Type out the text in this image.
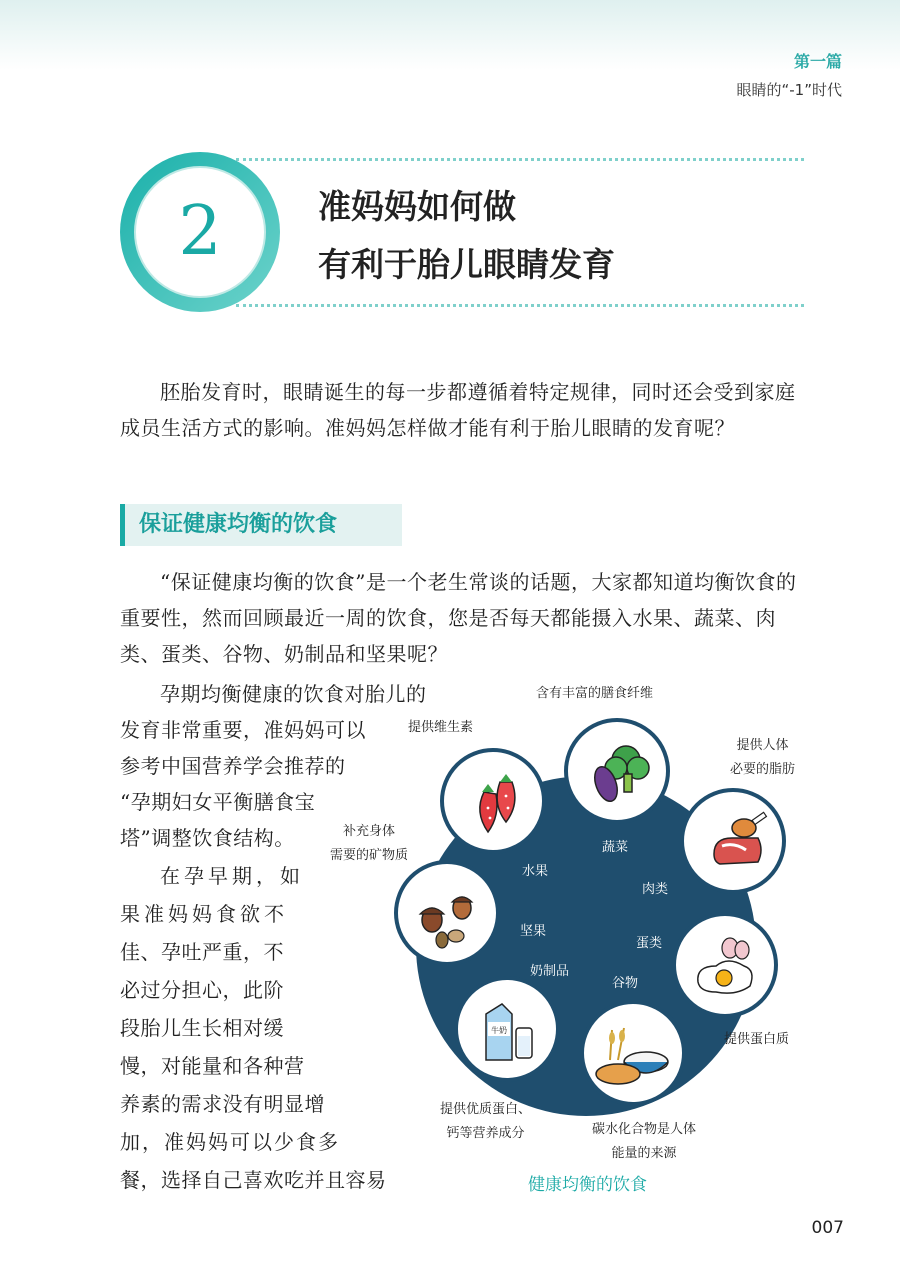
第一篇
眼睛的“-1”时代
2	准妈妈如何做
有利于胎儿眼睛发育

胚胎发育时，眼睛诞生的每一步都遵循着特定规律，同时还会受到家庭成员生活方式的影响。准妈妈怎样做才能有利于胎儿眼睛的发育呢？

保证健康均衡的饮食

“保证健康均衡的饮食”是一个老生常谈的话题，大家都知道均衡饮食的重要性，然而回顾最近一周的饮食，您是否每天都能摄入水果、蔬菜、肉类、蛋类、谷物、奶制品和坚果呢？

孕期均衡健康的饮食对胎儿的
发育非常重要，准妈妈可以
参考中国营养学会推荐的
“孕期妇女平衡膳食宝
塔”调整饮食结构。
在孕早期，如
果准妈妈食欲不
佳、孕吐严重，不
必过分担心，此阶
段胎儿生长相对缓
慢，对能量和各种营
养素的需求没有明显增
加，准妈妈可以少食多
餐，选择自己喜欢吃并且容易
水果
蔬菜
肉类
蛋类
谷物
奶制品
坚果
牛奶
含有丰富的膳食纤维
提供维生素
提供人体
必要的脂肪
补充身体
需要的矿物质
提供蛋白质
提供优质蛋白、
钙等营养成分	碳水化合物是人体
能量的来源
健康均衡的饮食
007
